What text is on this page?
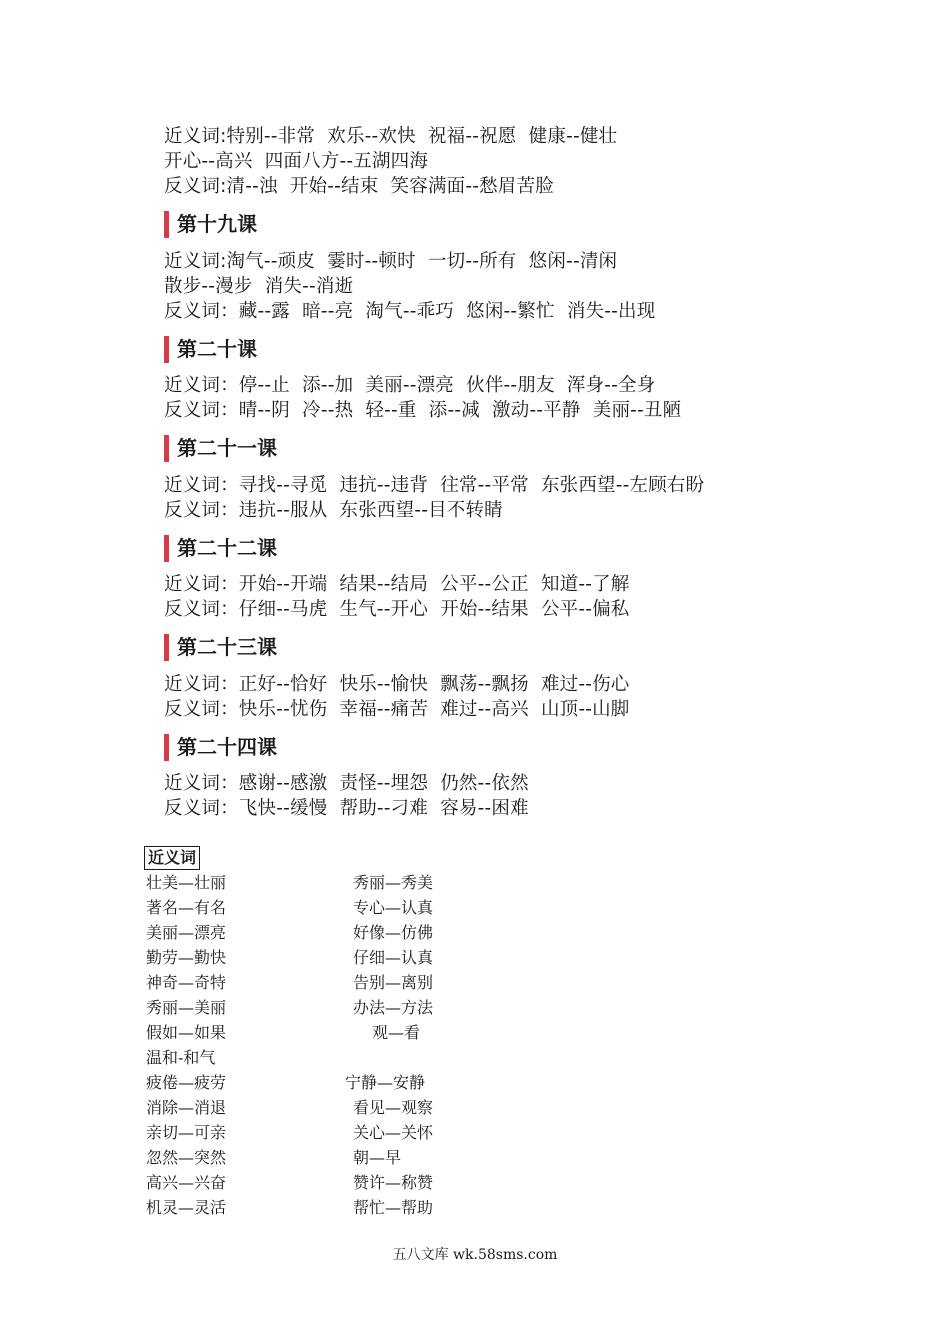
近义词:特别--非常  欢乐--欢快  祝福--祝愿  健康--健壮
开心--高兴  四面八方--五湖四海
反义词:清--浊  开始--结束  笑容满面--愁眉苦脸
第十九课
近义词:淘气--顽皮  霎时--顿时  一切--所有  悠闲--清闲
散步--漫步  消失--消逝
反义词：藏--露  暗--亮  淘气--乖巧  悠闲--繁忙  消失--出现
第二十课
近义词：停--止  添--加  美丽--漂亮  伙伴--朋友  浑身--全身
反义词：晴--阴  冷--热  轻--重  添--减  激动--平静  美丽--丑陋
第二十一课
近义词：寻找--寻觅  违抗--违背  往常--平常  东张西望--左顾右盼
反义词：违抗--服从  东张西望--目不转睛
第二十二课
近义词：开始--开端  结果--结局  公平--公正  知道--了解
反义词：仔细--马虎  生气--开心  开始--结果  公平--偏私
第二十三课
近义词：正好--恰好  快乐--愉快  飘荡--飘扬  难过--伤心
反义词：快乐--忧伤  幸福--痛苦  难过--高兴  山顶--山脚
第二十四课
近义词：感谢--感激  责怪--埋怨  仍然--依然
反义词：飞快--缓慢  帮助--刁难  容易--困难
近义词
壮美—壮丽
著名—有名
美丽—漂亮
勤劳—勤快
神奇—奇特
秀丽—美丽
假如—如果
温和-和气
疲倦—疲劳
消除—消退
亲切—可亲
忽然—突然
高兴—兴奋
机灵—灵活
秀丽—秀美
专心—认真
好像—仿佛
仔细—认真
告别—离别
办法—方法
观—看
宁静—安静
看见—观察
关心—关怀
朝—早
赞许—称赞
帮忙—帮助
五八文库 wk.58sms.com
